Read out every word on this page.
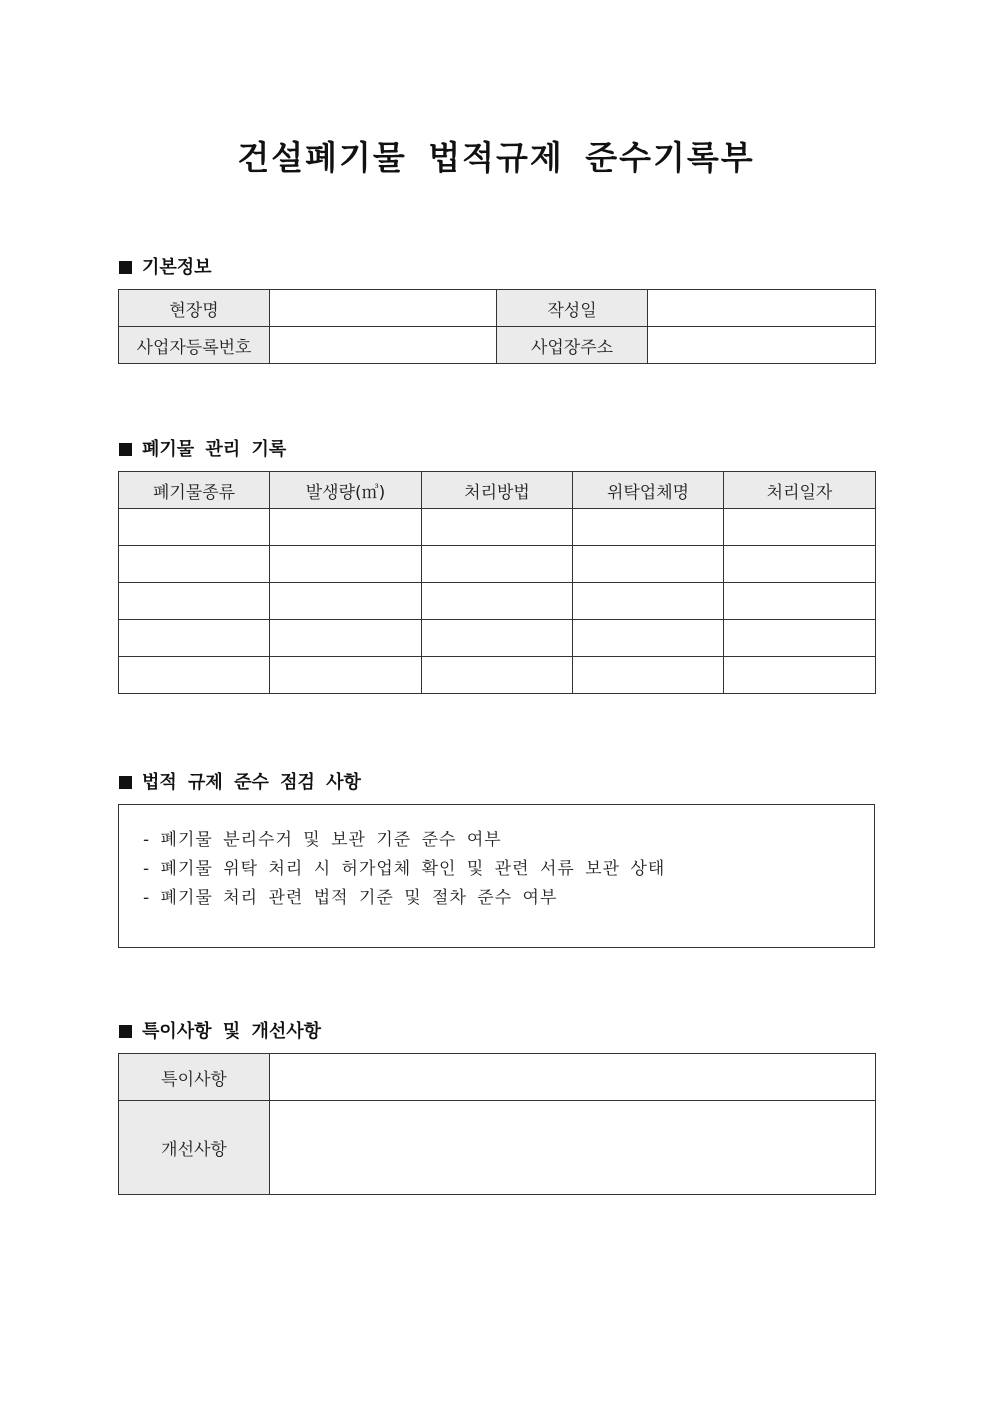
건설폐기물 법적규제 준수기록부
기본정보
현장명		작성일	
사업자등록번호		사업장주소	
폐기물 관리 기록
폐기물종류	발생량(㎥)	처리방법	위탁업체명	처리일자

법적 규제 준수 점검 사항
- 폐기물 분리수거 및 보관 기준 준수 여부
- 폐기물 위탁 처리 시 허가업체 확인 및 관련 서류 보관 상태
- 폐기물 처리 관련 법적 기준 및 절차 준수 여부
특이사항 및 개선사항
특이사항	
개선사항	
